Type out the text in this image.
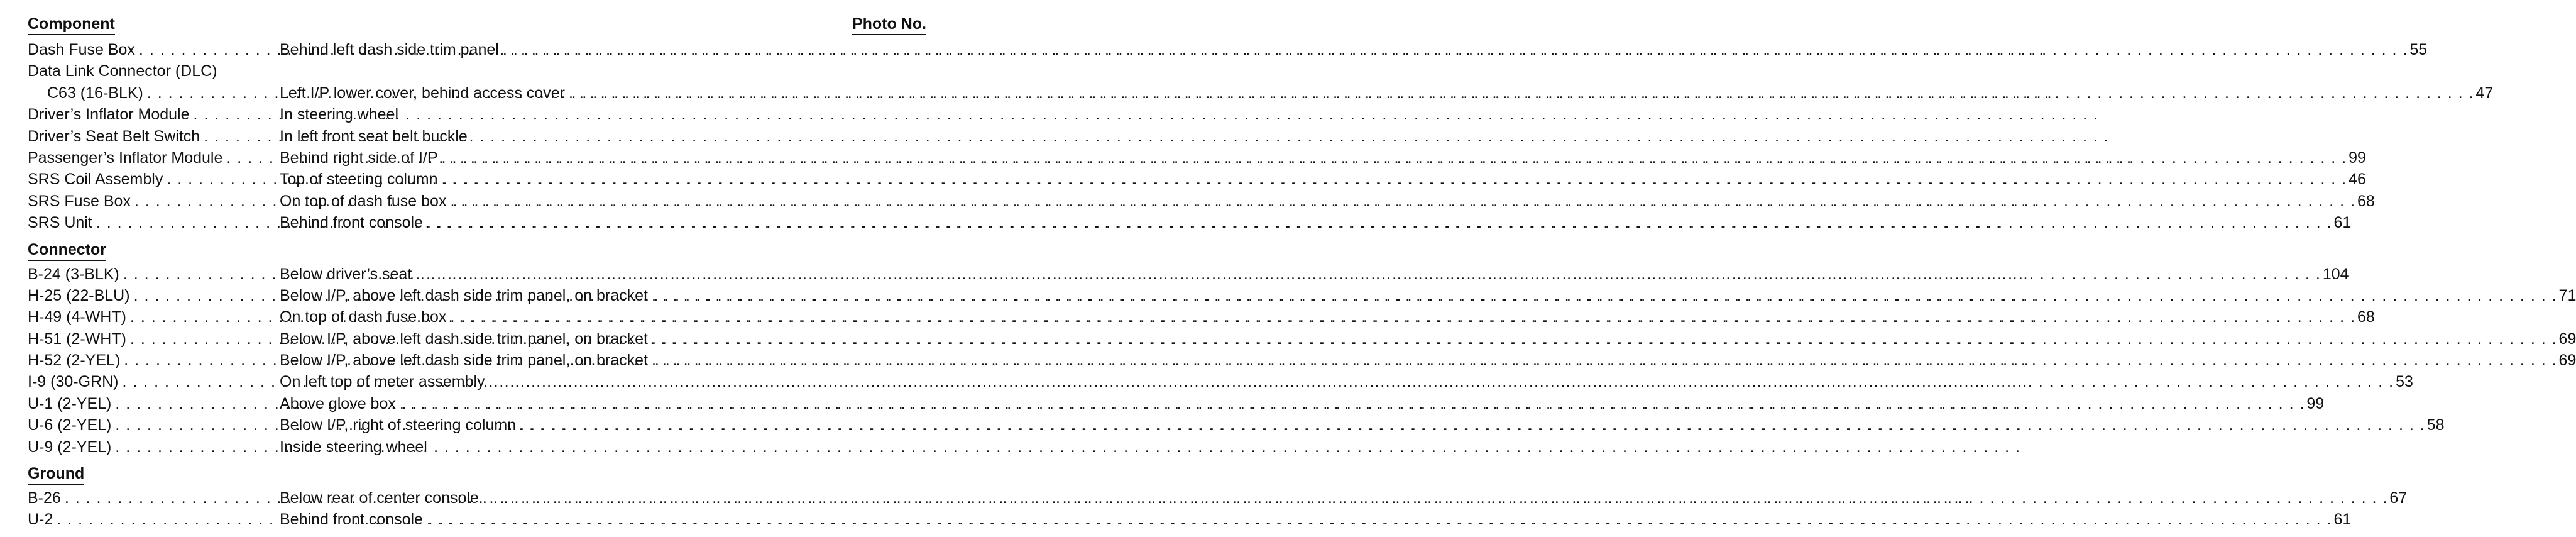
Component	Photo No.
Dash Fuse Box . . .	Behind left dash side trim panel . . .	55
Data Link Connector (DLC)
C63 (16-BLK) . . .	Left I/P lower cover, behind access cover . . .	47
Driver’s Inflator Module . . .	In steering wheel
Driver’s Seat Belt Switch . . .	In left front seat belt buckle
Passenger’s Inflator Module . . .	Behind right side of I/P . . .	99
SRS Coil Assembly . . .	Top of steering column . . .	46
SRS Fuse Box . . .	On top of dash fuse box . . .	68
SRS Unit . . .	Behind front console . . .	61
Connector
B-24 (3-BLK) . . .	Below driver’s seat . . .	104
H-25 (22-BLU) . . .	Below I/P, above left dash side trim panel, on bracket . . .	71
H-49 (4-WHT) . . .	On top of dash fuse box . . .	68
H-51 (2-WHT) . . .	Below I/P, above left dash side trim panel, on bracket . . .	69
H-52 (2-YEL) . . .	Below I/P, above left dash side trim panel, on bracket . . .	69
I-9 (30-GRN) . . .	On left top of meter assembly . . .	53
U-1 (2-YEL) . . .	Above glove box . . .	99
U-6 (2-YEL) . . .	Below I/P, right of steering column . . .	58
U-9 (2-YEL) . . .	Inside steering wheel
Ground
B-26 . . .	Below rear of center console . . .	67
U-2 . . .	Behind front console . . .	61
